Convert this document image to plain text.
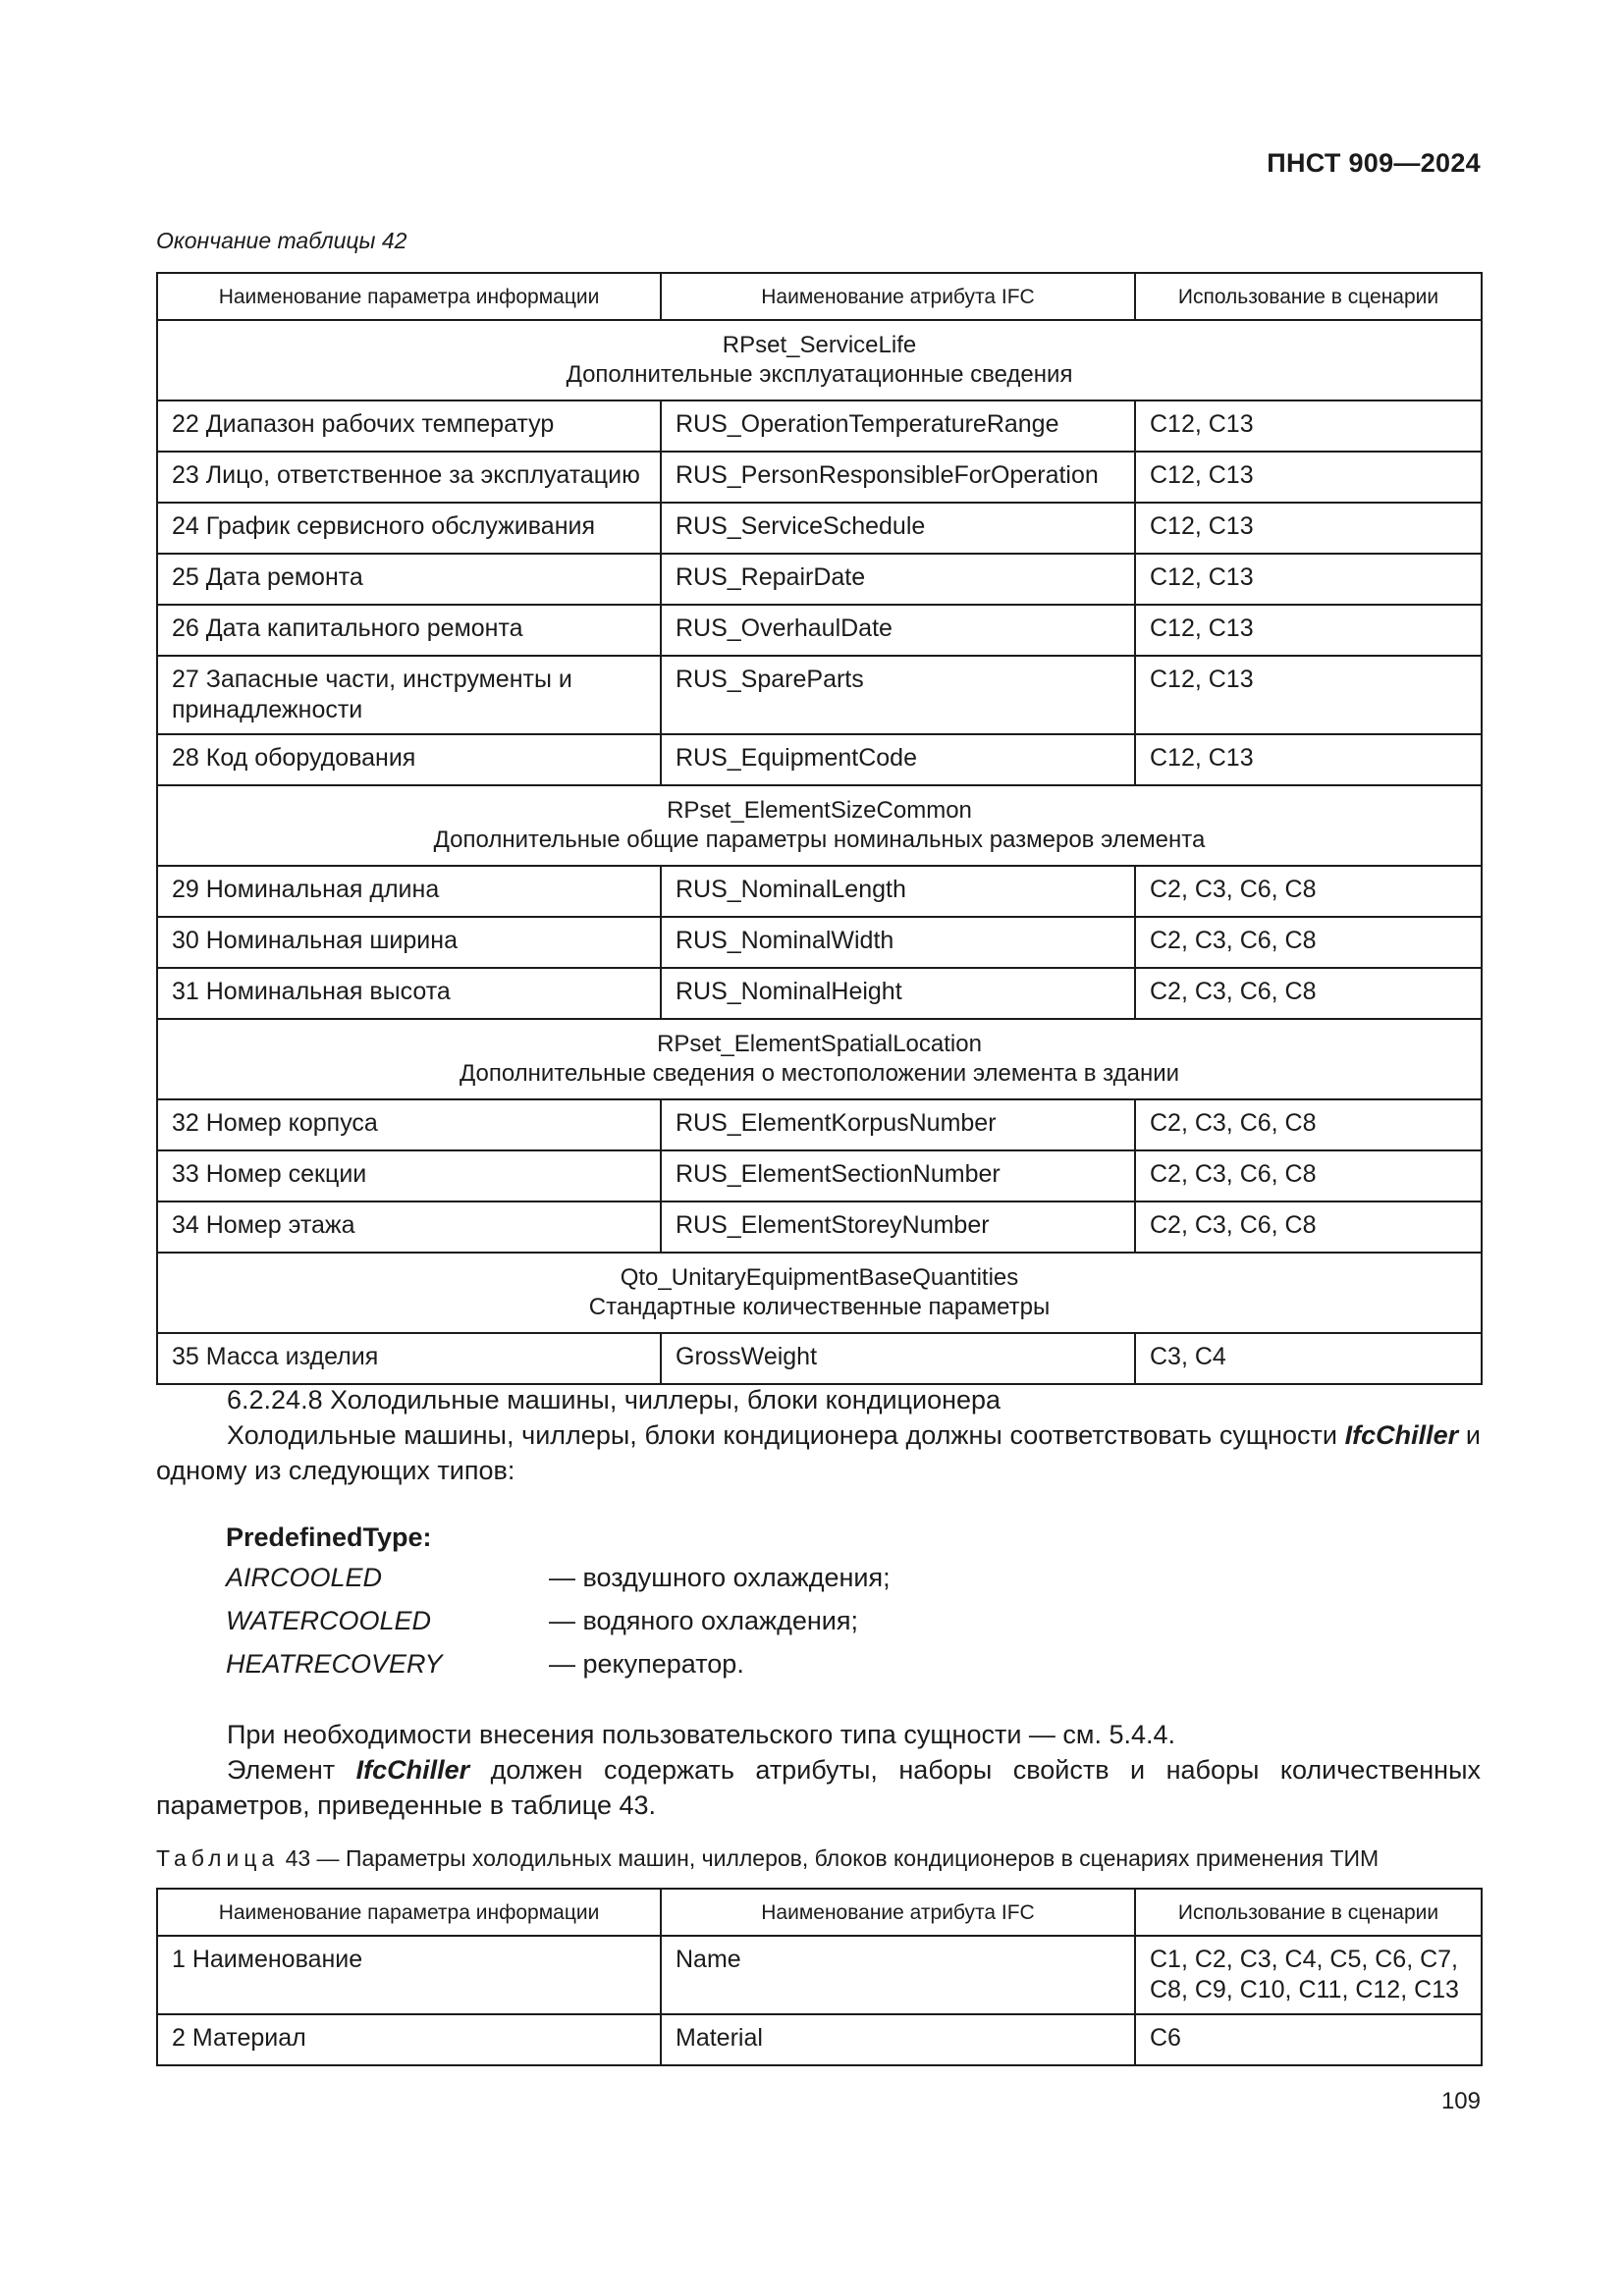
ПНСТ 909—2024
Окончание таблицы 42
Наименование параметра информации	Наименование атрибута IFC	Использование в сценарии

RPset_ServiceLife
Дополнительные эксплуатационные сведения		

22 Диапазон рабочих температур	RUS_OperationTemperatureRange	С12, С13
23 Лицо, ответственное за эксплуатацию	RUS_PersonResponsibleForOperation	С12, С13
24 График сервисного обслуживания	RUS_ServiceSchedule	С12, С13
25 Дата ремонта	RUS_RepairDate	С12, С13
26 Дата капитального ремонта	RUS_OverhaulDate	С12, С13
27 Запасные части, инструменты и принадлежности	RUS_SpareParts	С12, С13
28 Код оборудования	RUS_EquipmentCode	С12, С13

RPset_ElementSizeCommon
Дополнительные общие параметры номинальных размеров элемента		

29 Номинальная длина	RUS_NominalLength	С2, С3, С6, С8
30 Номинальная ширина	RUS_NominalWidth	С2, С3, С6, С8
31 Номинальная высота	RUS_NominalHeight	С2, С3, С6, С8

RPset_ElementSpatialLocation
Дополнительные сведения о местоположении элемента в здании		

32 Номер корпуса	RUS_ElementKorpusNumber	С2, С3, С6, С8
33 Номер секции	RUS_ElementSectionNumber	С2, С3, С6, С8
34 Номер этажа	RUS_ElementStoreyNumber	С2, С3, С6, С8

Qto_UnitaryEquipmentBaseQuantities
Стандартные количественные параметры		

35 Масса изделия	GrossWeight	С3, С4
6.2.24.8 Холодильные машины, чиллеры, блоки кондиционера
Холодильные машины, чиллеры, блоки кондиционера должны соответствовать сущности IfcChiller и одному из следующих типов:
PredefinedType:
AIRCOOLED	— воздушного охлаждения;
WATERCOOLED	— водяного охлаждения;
HEATRECOVERY	— рекуператор.
При необходимости внесения пользовательского типа сущности — см. 5.4.4.
Элемент IfcChiller должен содержать атрибуты, наборы свойств и наборы количественных параметров, приведенные в таблице 43.
Таблица 43 — Параметры холодильных машин, чиллеров, блоков кондиционеров в сценариях применения ТИМ
Наименование параметра информации	Наименование атрибута IFC	Использование в сценарии
1 Наименование	Name	С1, С2, С3, С4, С5, С6, С7, С8, С9, С10, С11, С12, С13
2 Материал	Material	С6
109
